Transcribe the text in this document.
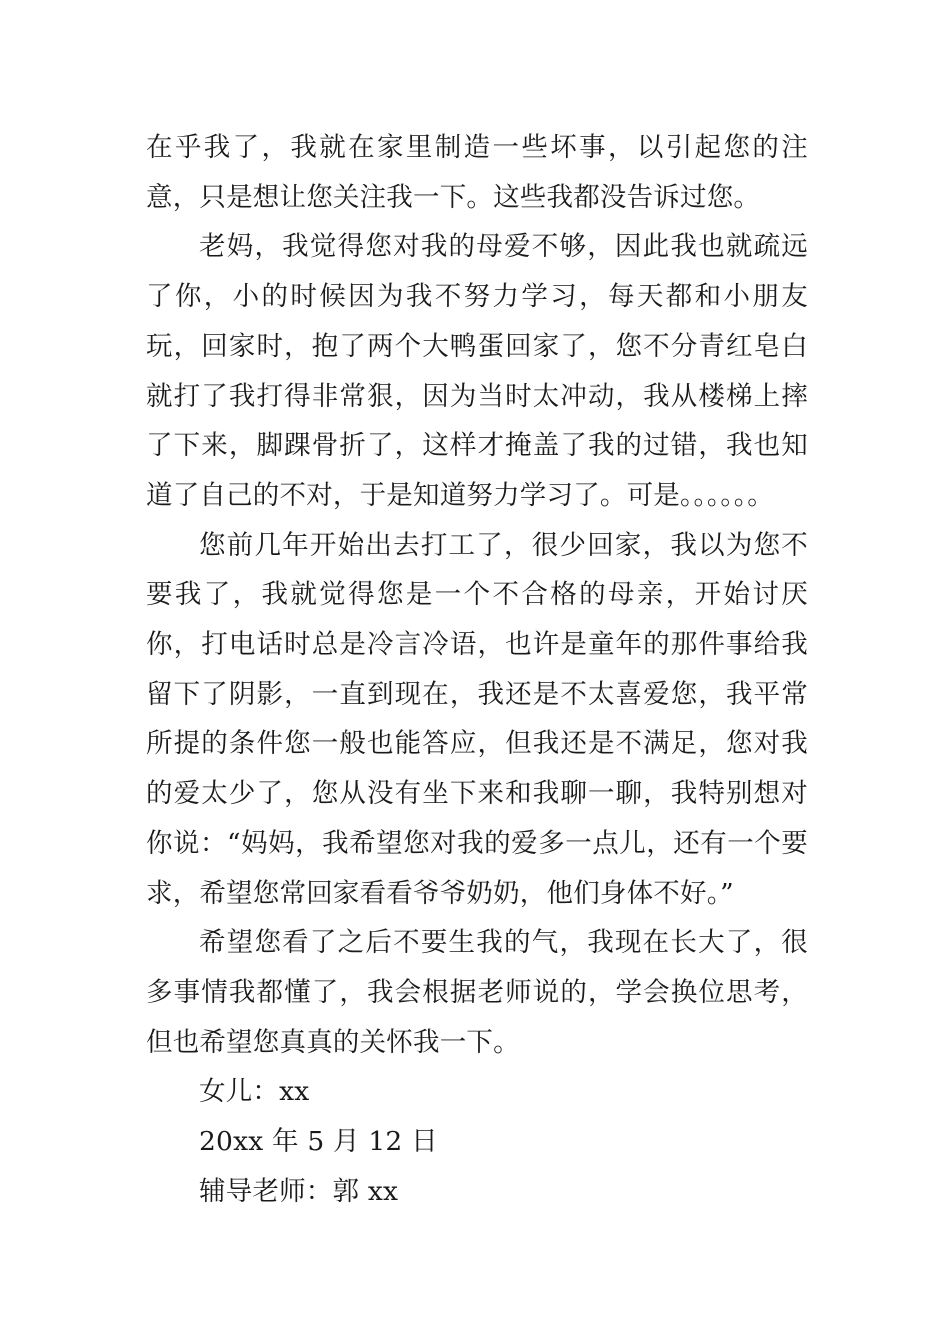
在乎我了，我就在家里制造一些坏事，以引起您的注意，只是想让您关注我一下。这些我都没告诉过您。

老妈，我觉得您对我的母爱不够，因此我也就疏远了你，小的时候因为我不努力学习，每天都和小朋友玩，回家时，抱了两个大鸭蛋回家了，您不分青红皂白就打了我打得非常狠，因为当时太冲动，我从楼梯上摔了下来，脚踝骨折了，这样才掩盖了我的过错，我也知道了自己的不对，于是知道努力学习了。可是。。。。。。

您前几年开始出去打工了，很少回家，我以为您不要我了，我就觉得您是一个不合格的母亲，开始讨厌你，打电话时总是冷言冷语，也许是童年的那件事给我留下了阴影，一直到现在，我还是不太喜爱您，我平常所提的条件您一般也能答应，但我还是不满足，您对我的爱太少了，您从没有坐下来和我聊一聊，我特别想对你说：“妈妈，我希望您对我的爱多一点儿，还有一个要求，希望您常回家看看爷爷奶奶，他们身体不好。”

希望您看了之后不要生我的气，我现在长大了，很多事情我都懂了，我会根据老师说的，学会换位思考，但也希望您真真的关怀我一下。

女儿：xx

20xx 年 5 月 12 日

辅导老师：郭 xx
